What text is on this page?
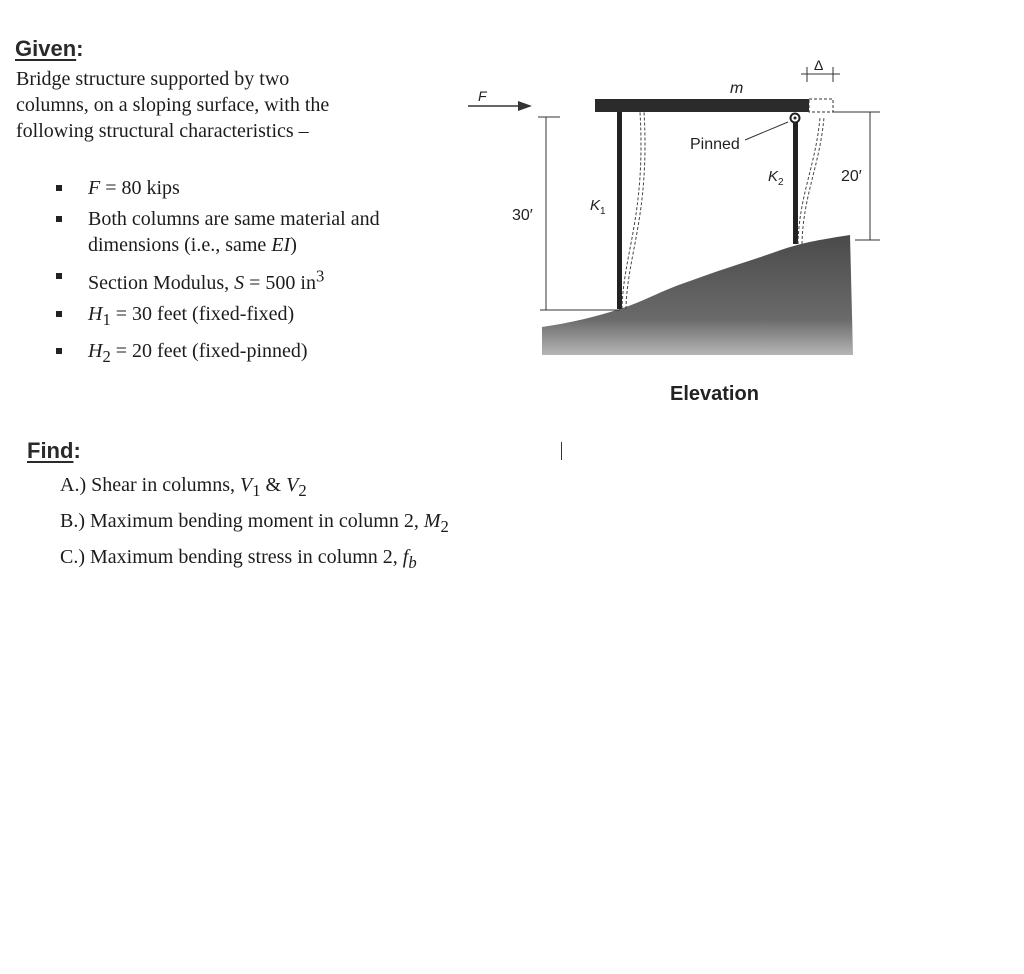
Given:
Bridge structure supported by two columns, on a sloping surface, with the following structural characteristics –
F = 80 kips
Both columns are same material and dimensions (i.e., same EI)
Section Modulus, S = 500 $in^3$
$H_1 = 30$ feet (fixed-fixed)
$H_2 = 20$ feet (fixed-pinned)
Find:
A.) Shear in columns, $V_1$ & $V_2$
B.) Maximum bending moment in column 2, $M_2$
C.) Maximum bending stress in column 2, $f_b$
F	m
Δ
Pinned
$K_1$
$K_2$
30′
20′
Elevation
